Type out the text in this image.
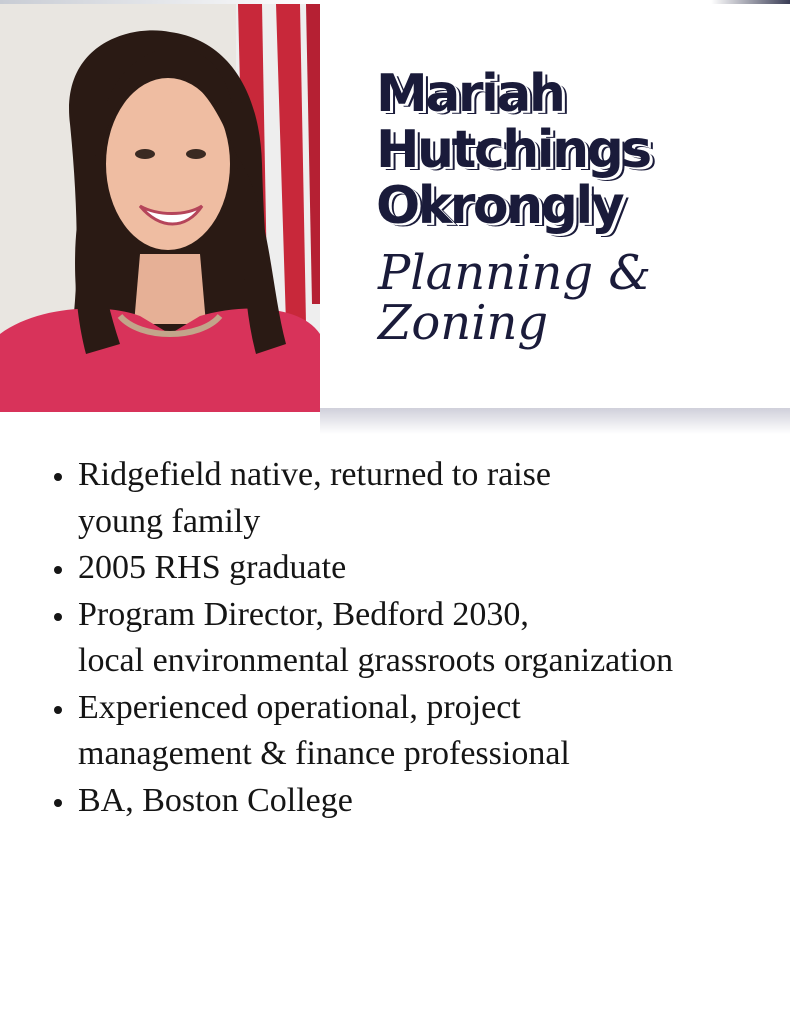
Mariah
Hutchings
Okrongly
Planning &
Zoning
Ridgefield native, returned to raise
young family
2005 RHS graduate
Program Director, Bedford 2030,
local environmental grassroots organization
Experienced operational, project
management & finance professional
BA, Boston College
